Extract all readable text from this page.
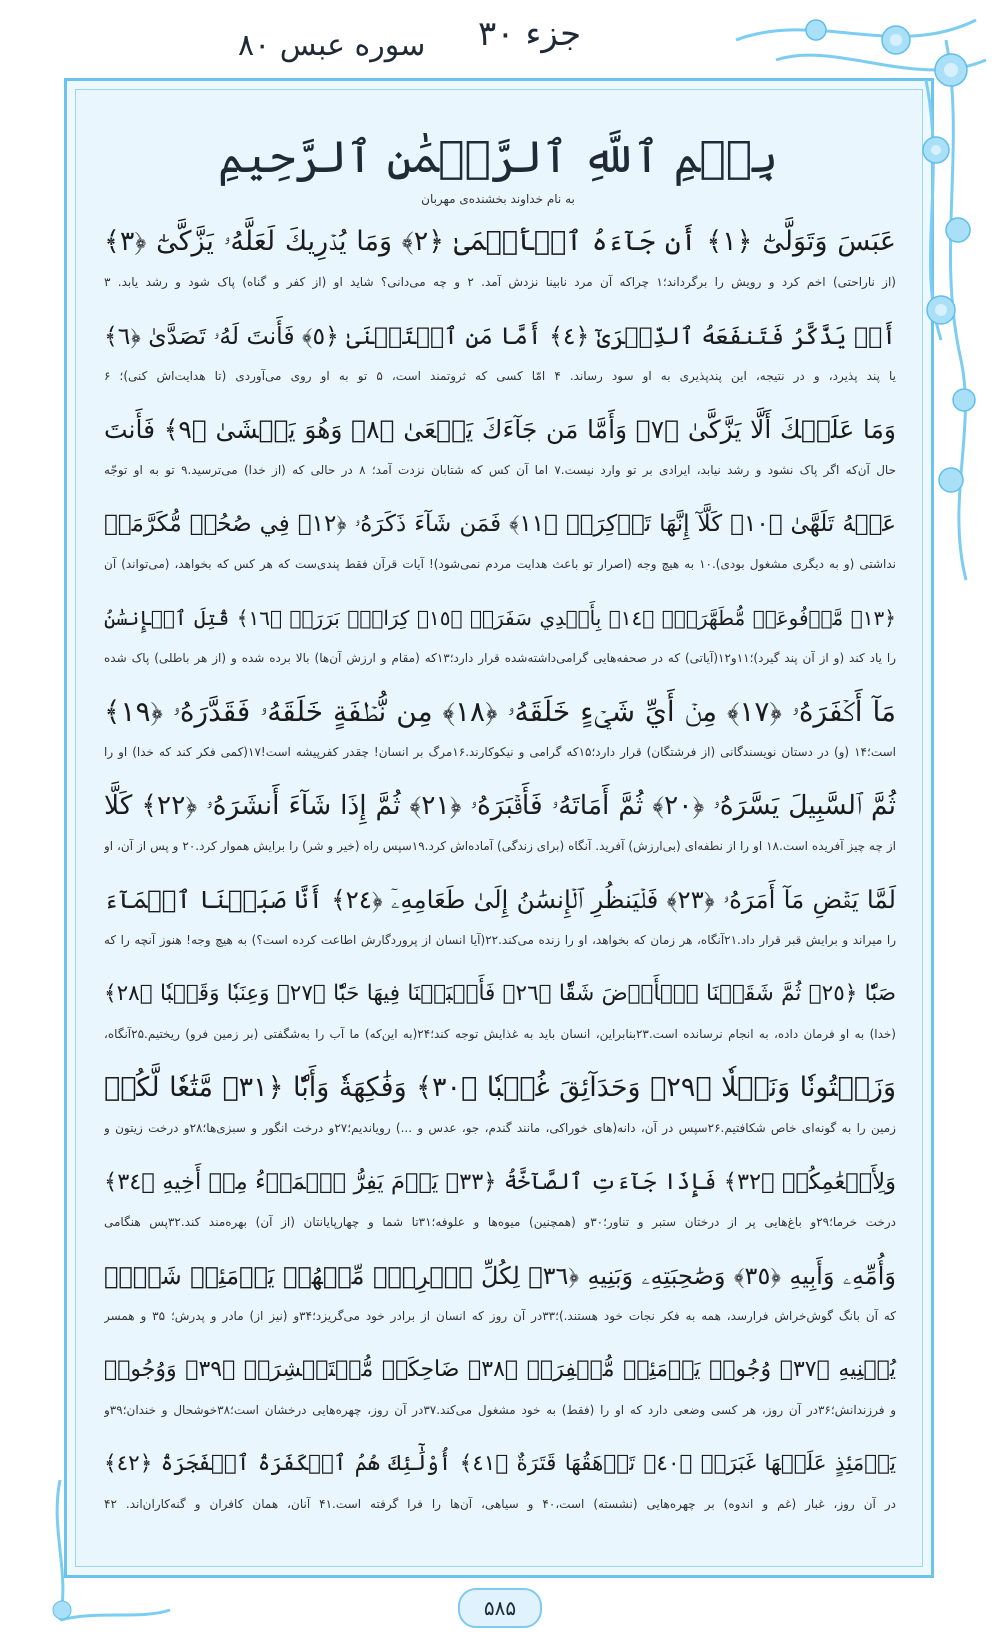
جزء ۳۰
سوره عبس ۸۰
بِسۡمِ ٱللَّهِ ٱلرَّحۡمَٰنِ ٱلرَّحِيمِ
به نام خداوند بخشنده‌ی مهربان
عَبَسَ وَتَوَلَّىٰٓ ﴿١﴾ أَن جَآءَهُ ٱلۡأَعۡمَىٰ ﴿٢﴾ وَمَا يُدۡرِيكَ لَعَلَّهُۥ يَزَّكَّىٰٓ ﴿٣﴾
(از ناراحتی) اخم کرد و رویش را برگرداند؛۱ چراکه آن مرد نابینا نزدش آمد. ۲ و چه می‌دانی؟ شاید او (از کفر و گناه) پاک شود و رشد یابد. ۳
أَوۡ يَذَّكَّرُ فَتَنفَعَهُ ٱلذِّكۡرَىٰٓ ﴿٤﴾ أَمَّا مَنِ ٱسۡتَغۡنَىٰ ﴿٥﴾ فَأَنتَ لَهُۥ تَصَدَّىٰ ﴿٦﴾
یا پند پذیرد، و در نتیجه، این پندپذیری به او سود رساند. ۴ امّا کسی که ثروتمند است، ۵ تو به او روی می‌آوردی (تا هدایت‌اش کنی)؛ ۶
وَمَا عَلَيۡكَ أَلَّا يَزَّكَّىٰ ﴿٧﴾ وَأَمَّا مَن جَآءَكَ يَسۡعَىٰ ﴿٨﴾ وَهُوَ يَخۡشَىٰ ﴿٩﴾ فَأَنتَ
حال آن‌که اگر پاک نشود و رشد نیابد، ایرادی بر تو وارد نیست.۷ اما آن کس که شتابان نزدت آمد؛ ۸ در حالی که (از خدا) می‌ترسید.۹ تو به او توجّه
عَنۡهُ تَلَهَّىٰ ﴿١٠﴾ كَلَّآ إِنَّهَا تَذۡكِرَةٞ ﴿١١﴾ فَمَن شَآءَ ذَكَرَهُۥ ﴿١٢﴾ فِي صُحُفٖ مُّكَرَّمَةٖ
نداشتی (و به دیگری مشغول بودی).۱۰ به هیچ وجه (اصرار تو باعث هدایت مردم نمی‌شود)! آیات قرآن فقط پندی‌ست که هر کس که بخواهد، (می‌تواند) آن
﴿١٣﴾ مَّرۡفُوعَةٖ مُّطَهَّرَةِۭ ﴿١٤﴾ بِأَيۡدِي سَفَرَةٖ ﴿١٥﴾ كِرَامِۭ بَرَرَةٖ ﴿١٦﴾ قُتِلَ ٱلۡإِنسَٰنُ
را یاد کند (و از آن پند گیرد)؛۱۱و۱۲(آیاتی) که در صحفه‌هایی گرامی‌داشته‌شده قرار دارد؛۱۳که (مقام و ارزش آن‌ها) بالا برده شده و (از هر باطلی) پاک شده
مَآ أَكۡفَرَهُۥ ﴿١٧﴾ مِنۡ أَيِّ شَيۡءٍ خَلَقَهُۥ ﴿١٨﴾ مِن نُّطۡفَةٍ خَلَقَهُۥ فَقَدَّرَهُۥ ﴿١٩﴾
است؛۱۴ (و) در دستان نویسندگانی (از فرشتگان) قرار دارد؛۱۵که گرامی و نیکوکارند.۱۶مرگ بر انسان! چقدر کفرپیشه است!۱۷(کمی فکر کند که خدا) او را
ثُمَّ ٱلسَّبِيلَ يَسَّرَهُۥ ﴿٢٠﴾ ثُمَّ أَمَاتَهُۥ فَأَقۡبَرَهُۥ ﴿٢١﴾ ثُمَّ إِذَا شَآءَ أَنشَرَهُۥ ﴿٢٢﴾ كَلَّا
از چه چیز آفریده است.۱۸ او را از نطفه‌ای (بی‌ارزش) آفرید. آنگاه (برای زندگی) آماده‌اش کرد.۱۹سپس راه (خیر و شر) را برایش هموار کرد.۲۰ و پس از آن، او
لَمَّا يَقۡضِ مَآ أَمَرَهُۥ ﴿٢٣﴾ فَلۡيَنظُرِ ٱلۡإِنسَٰنُ إِلَىٰ طَعَامِهِۦٓ ﴿٢٤﴾ أَنَّا صَبَبۡنَا ٱلۡمَآءَ
را میراند و برایش قبر قرار داد.۲۱آنگاه، هر زمان که بخواهد، او را زنده می‌کند.۲۲(آیا انسان از پروردگارش اطاعت کرده است؟) به هیچ وجه! هنوز آنچه را که
صَبّٗا ﴿٢٥﴾ ثُمَّ شَقَقۡنَا ٱلۡأَرۡضَ شَقّٗا ﴿٢٦﴾ فَأَنۢبَتۡنَا فِيهَا حَبّٗا ﴿٢٧﴾ وَعِنَبٗا وَقَضۡبٗا ﴿٢٨﴾
(خدا) به او فرمان داده، به انجام نرسانده است.۲۳بنابراین، انسان باید به غذایش توجه کند؛۲۴(به این‌که) ما آب را به‌شگفتی (بر زمین فرو) ریختیم.۲۵آنگاه،
وَزَيۡتُونٗا وَنَخۡلٗا ﴿٢٩﴾ وَحَدَآئِقَ غُلۡبٗا ﴿٣٠﴾ وَفَٰكِهَةٗ وَأَبّٗا ﴿٣١﴾ مَّتَٰعٗا لَّكُمۡ
زمین را به گونه‌ای خاص شکافتیم.۲۶سپس در آن، دانه(های خوراکی، مانند گندم، جو، عدس و ...) رویاندیم؛۲۷و درخت انگور و سبزی‌ها؛۲۸و درخت زیتون و
وَلِأَنۡعَٰمِكُمۡ ﴿٣٢﴾ فَإِذَا جَآءَتِ ٱلصَّآخَّةُ ﴿٣٣﴾ يَوۡمَ يَفِرُّ ٱلۡمَرۡءُ مِنۡ أَخِيهِ ﴿٣٤﴾
درخت خرما؛۲۹و باغ‌هایی پر از درختان ستبر و تناور؛۳۰و (همچنین) میوه‌ها و علوفه؛۳۱تا شما و چهارپایانتان (از آن) بهره‌مند کند.۳۲پس هنگامی
وَأُمِّهِۦ وَأَبِيهِ ﴿٣٥﴾ وَصَٰحِبَتِهِۦ وَبَنِيهِ ﴿٣٦﴾ لِكُلِّ ٱمۡرِيٕٖ مِّنۡهُمۡ يَوۡمَئِذٖ شَأۡنٞ
که آن بانگ گوش‌خراش فرارسد، همه به فکر نجات خود هستند.)؛۳۳در آن روز که انسان از برادر خود می‌گریزد؛۳۴و (نیز از) مادر و پدرش؛ ۳۵ و همسر
يُغۡنِيهِ ﴿٣٧﴾ وُجُوهٞ يَوۡمَئِذٖ مُّسۡفِرَةٞ ﴿٣٨﴾ ضَاحِكَةٞ مُّسۡتَبۡشِرَةٞ ﴿٣٩﴾ وَوُجُوهٞ
و فرزندانش؛۳۶در آن روز، هر کسی وضعی دارد که او را (فقط) به خود مشغول می‌کند.۳۷در آن روز، چهره‌هایی درخشان است؛۳۸خوشحال و خندان؛۳۹و
يَوۡمَئِذٍ عَلَيۡهَا غَبَرَةٞ ﴿٤٠﴾ تَرۡهَقُهَا قَتَرَةٌ ﴿٤١﴾ أُوْلَٰٓئِكَ هُمُ ٱلۡكَفَرَةُ ٱلۡفَجَرَةُ ﴿٤٢﴾
در آن روز، غبار (غم و اندوه) بر چهره‌هایی (نشسته) است،۴۰ و سیاهی، آن‌ها را فرا گرفته است.۴۱ آنان، همان کافران و گنه‌کاران‌اند. ۴۲
۵۸۵
